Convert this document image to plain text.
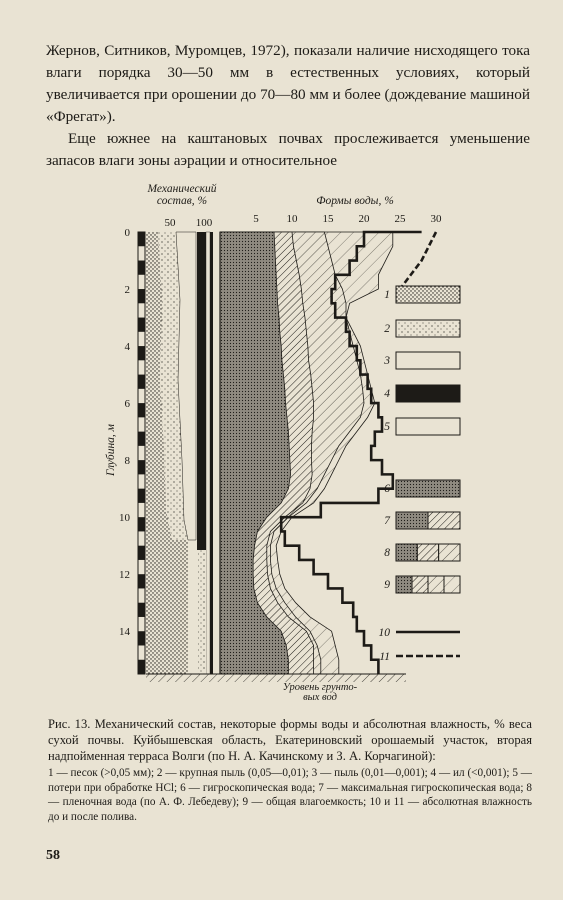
Жернов, Ситников, Муромцев, 1972), показали наличие нисходящего тока влаги порядка 30—50 мм в естественных условиях, который увеличивается при орошении до 70—80 мм и более (дождевание машиной «Фрегат»).

Еще южнее на каштановых почвах прослеживается уменьшение запасов влаги зоны аэрации и относительное

Механический
состав, %	Формы воды, %
50 100	5	10 15 20 25 30
0
2
4
6
8
10
12
14
Глубина, м
Уровень грунто-
вых вод
1
2
3
4
5
6
7
8
9
10
11

Рис. 13. Механический состав, некоторые формы воды и абсолютная влажность, % веса сухой почвы. Куйбышевская область, Екатериновский орошаемый участок, вторая надпойменная терраса Волги (по Н. А. Качинскому и З. А. Корчагиной):

1 — песок (>0,05 мм); 2 — крупная пыль (0,05—0,01); 3 — пыль (0,01—0,001); 4 — ил (<0,001); 5 — потери при обработке HCl; 6 — гигроскопическая вода; 7 — максимальная гигроскопическая вода; 8 — пленочная вода (по А. Ф. Лебедеву); 9 — общая влагоемкость; 10 и 11 — абсолютная влажность до и после полива.

58
